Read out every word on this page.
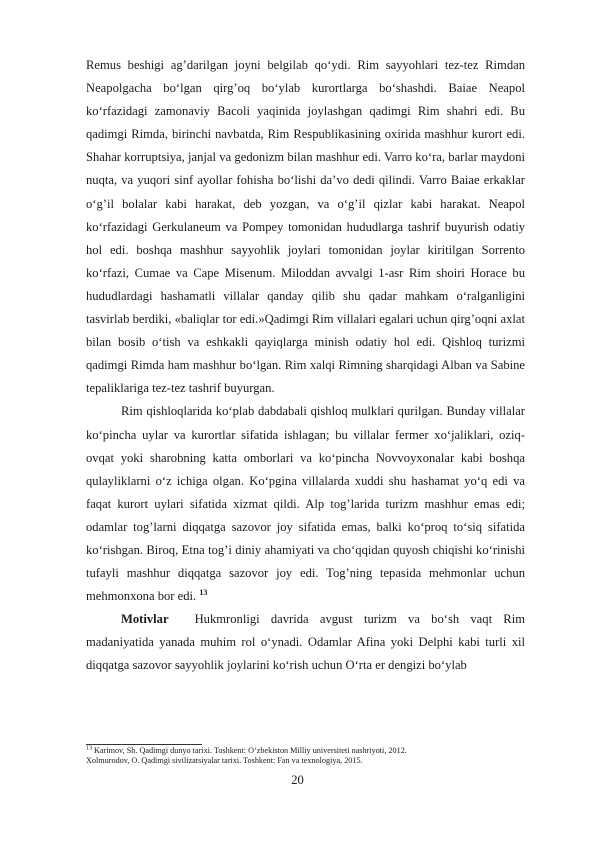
Remus beshigi ag’darilgan joyni belgilab qo‘ydi. Rim sayyohlari tez-tez Rimdan Neapolgacha bo‘lgan qirg’oq bo‘ylab kurortlarga bo‘shashdi. Baiae Neapol ko‘rfazidagi zamonaviy Bacoli yaqinida joylashgan qadimgi Rim shahri edi. Bu qadimgi Rimda, birinchi navbatda, Rim Respublikasining oxirida mashhur kurort edi. Shahar korruptsiya, janjal va gedonizm bilan mashhur edi. Varro ko‘ra, barlar maydoni nuqta, va yuqori sinf ayollar fohisha bo‘lishi da’vo dedi qilindi. Varro Baiae erkaklar o‘g’il bolalar kabi harakat, deb yozgan, va o‘g’il qizlar kabi harakat. Neapol ko‘rfazidagi Gerkulaneum va Pompey tomonidan hududlarga tashrif buyurish odatiy hol edi. boshqa mashhur sayyohlik joylari tomonidan joylar kiritilgan Sorrento ko‘rfazi, Cumae va Cape Misenum. Miloddan avvalgi 1-asr Rim shoiri Horace bu hududlardagi hashamatli villalar qanday qilib shu qadar mahkam o‘ralganligini tasvirlab berdiki, «baliqlar tor edi.»Qadimgi Rim villalari egalari uchun qirg’oqni axlat bilan bosib o‘tish va eshkakli qayiqlarga minish odatiy hol edi. Qishloq turizmi qadimgi Rimda ham mashhur bo‘lgan. Rim xalqi Rimning sharqidagi Alban va Sabine tepaliklariga tez-tez tashrif buyurgan.

Rim qishloqlarida ko‘plab dabdabali qishloq mulklari qurilgan. Bunday villalar ko‘pincha uylar va kurortlar sifatida ishlagan; bu villalar fermer xo‘jaliklari, oziq-ovqat yoki sharobning katta omborlari va ko‘pincha Novvoyxonalar kabi boshqa qulayliklarni o‘z ichiga olgan. Ko‘pgina villalarda xuddi shu hashamat yo‘q edi va faqat kurort uylari sifatida xizmat qildi. Alp tog’larida turizm mashhur emas edi; odamlar tog’larni diqqatga sazovor joy sifatida emas, balki ko‘proq to‘siq sifatida ko‘rishgan. Biroq, Etna tog’i diniy ahamiyati va cho‘qqidan quyosh chiqishi ko‘rinishi tufayli mashhur diqqatga sazovor joy edi. Tog’ning tepasida mehmonlar uchun mehmonxona bor edi. $^{13}$

Motivlar Hukmronligi davrida avgust turizm va bo‘sh vaqt Rim madaniyatida yanada muhim rol o‘ynadi. Odamlar Afina yoki Delphi kabi turli xil diqqatga sazovor sayyohlik joylarini ko‘rish uchun O‘rta er dengizi bo‘ylab

$^{13}$ Karimov, Sh. Qadimgi dunyo tarixi. Toshkent: O‘zbekiston Milliy universiteti nashriyoti, 2012.

Xolmurodov, O. Qadimgi sivilizatsiyalar tarixi. Toshkent: Fan va texnologiya, 2015.

20
